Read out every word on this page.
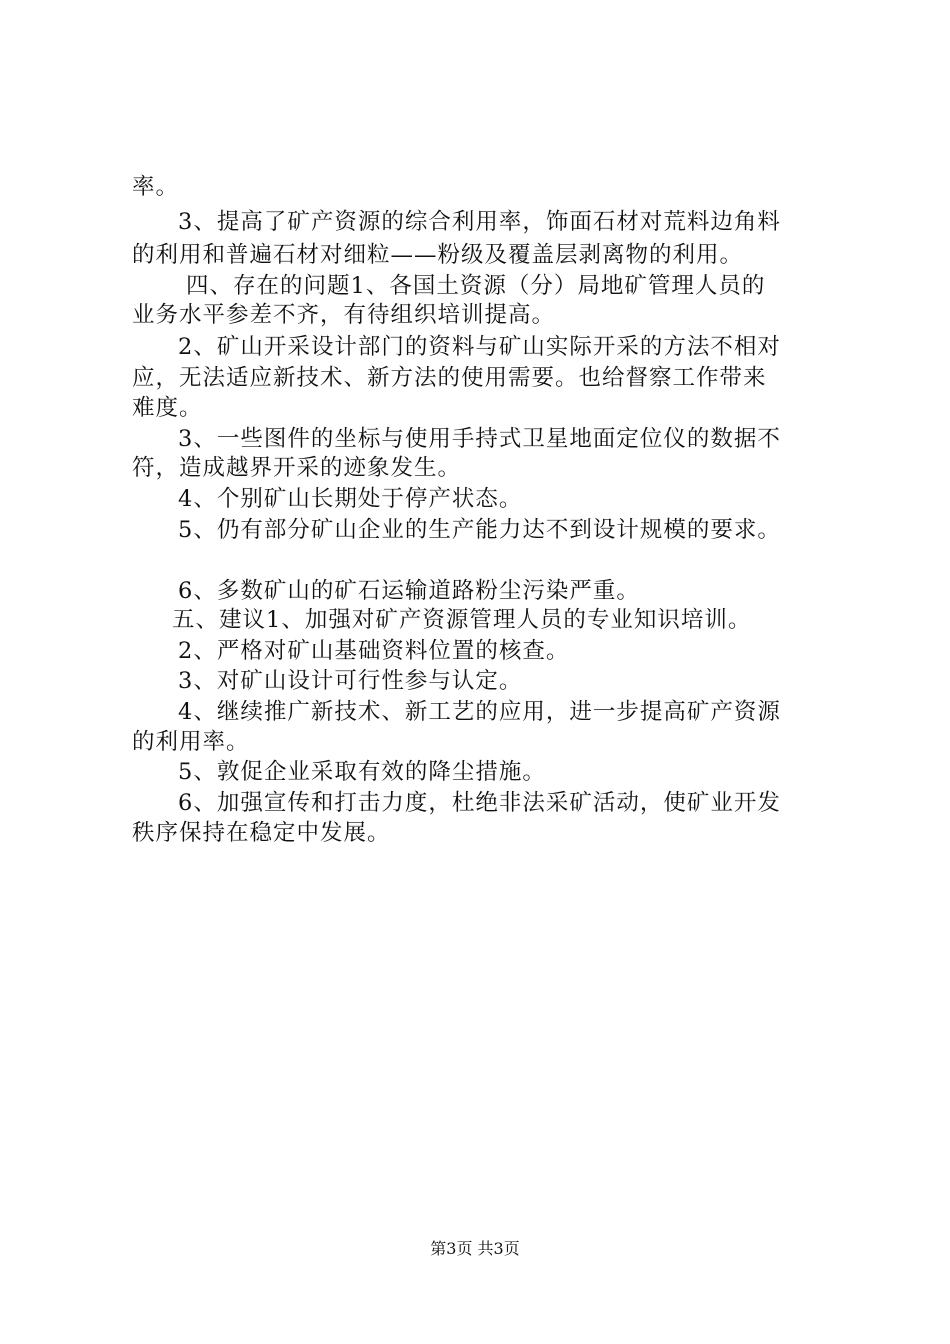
率。
3、提高了矿产资源的综合利用率，饰面石材对荒料边角料
的利用和普遍石材对细粒——粉级及覆盖层剥离物的利用。
四、存在的问题1、各国土资源（分）局地矿管理人员的
业务水平参差不齐，有待组织培训提高。
2、矿山开采设计部门的资料与矿山实际开采的方法不相对
应，无法适应新技术、新方法的使用需要。也给督察工作带来
难度。
3、一些图件的坐标与使用手持式卫星地面定位仪的数据不
符，造成越界开采的迹象发生。
4、个别矿山长期处于停产状态。
5、仍有部分矿山企业的生产能力达不到设计规模的要求。
6、多数矿山的矿石运输道路粉尘污染严重。
五、建议1、加强对矿产资源管理人员的专业知识培训。
2、严格对矿山基础资料位置的核查。
3、对矿山设计可行性参与认定。
4、继续推广新技术、新工艺的应用，进一步提高矿产资源
的利用率。
5、敦促企业采取有效的降尘措施。
6、加强宣传和打击力度，杜绝非法采矿活动，使矿业开发
秩序保持在稳定中发展。
第3页 共3页
